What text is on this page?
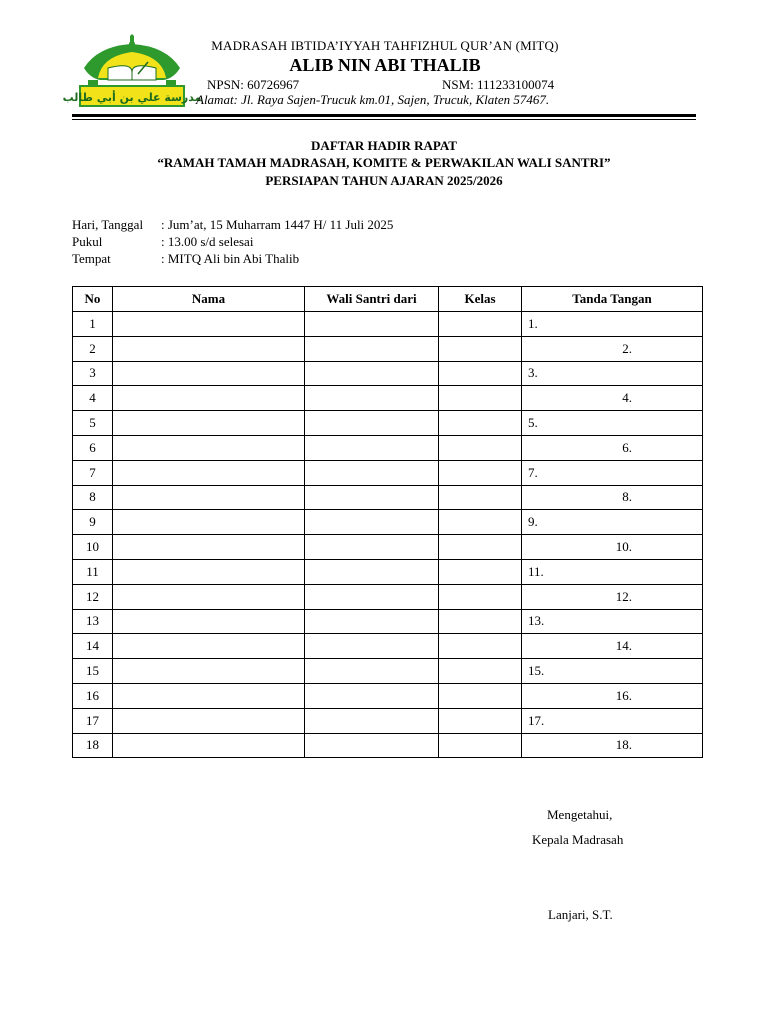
مدرسة علي بن أبي طالب
MADRASAH IBTIDA’IYYAH TAHFIZHUL QUR’AN (MITQ)
ALIB NIN ABI THALIB
NPSN: 60726967	NSM: 111233100074
Alamat: Jl. Raya Sajen-Trucuk km.01, Sajen, Trucuk, Klaten 57467.
DAFTAR HADIR RAPAT
“RAMAH TAMAH MADRASAH, KOMITE & PERWAKILAN WALI SANTRI”
PERSIAPAN TAHUN AJARAN 2025/2026
Hari, Tanggal : Jum’at, 15 Muharram 1447 H/ 11 Juli 2025
Pukul	: 13.00 s/d selesai
Tempat	: MITQ Ali bin Abi Thalib
No	Nama	Wali Santri dari	Kelas	Tanda Tangan
1				1.
2				2.
3				3.
4				4.
5				5.
6				6.
7				7.
8				8.
9				9.
10				10.
11				11.
12				12.
13				13.
14				14.
15				15.
16				16.
17				17.
18				18.
Mengetahui,
Kepala Madrasah
Lanjari, S.T.
